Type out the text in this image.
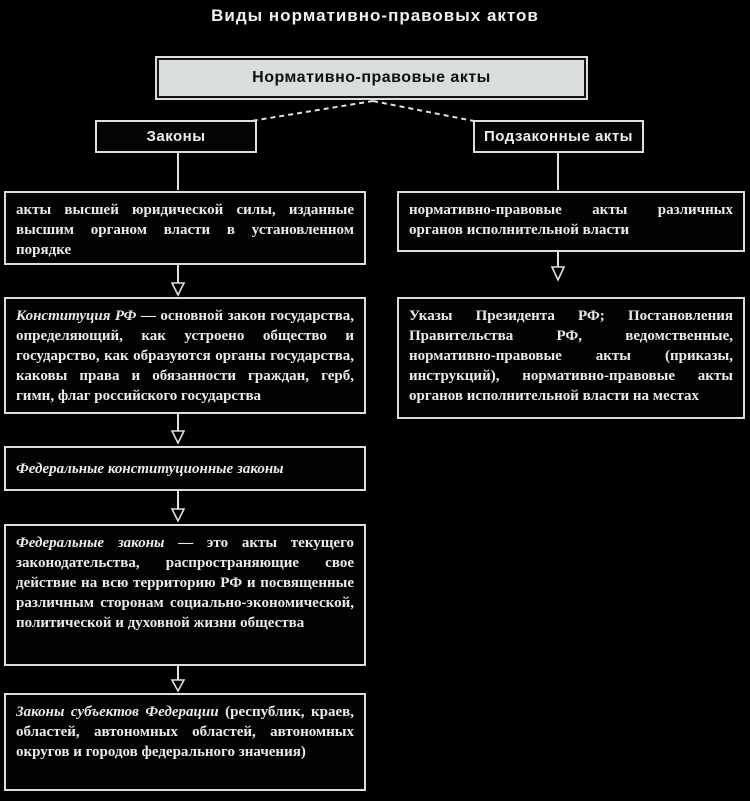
Виды нормативно-правовых актов
Нормативно-правовые акты
Законы	Подзаконные акты
акты высшей юридической силы, изданные высшим органом власти в установленном порядке
Конституция РФ — основной закон государства, определяющий, как устроено общество и государство, как образуются органы государства, каковы права и обязанности граждан, герб, гимн, флаг российского государства
Федеральные конституционные законы
Федеральные законы — это акты текущего законодательства, распространяющие свое действие на всю территорию РФ и посвященные различным сторонам социально-экономической, политической и духовной жизни общества
Законы субъектов Федерации (республик, краев, областей, автономных областей, автономных округов и городов федерального значения)
нормативно-правовые акты различных органов исполнительной власти
Указы Президента РФ; Постановления Правительства РФ, ведомственные, нормативно-правовые акты (приказы, инструкций), нормативно-правовые акты органов исполнительной власти на местах
